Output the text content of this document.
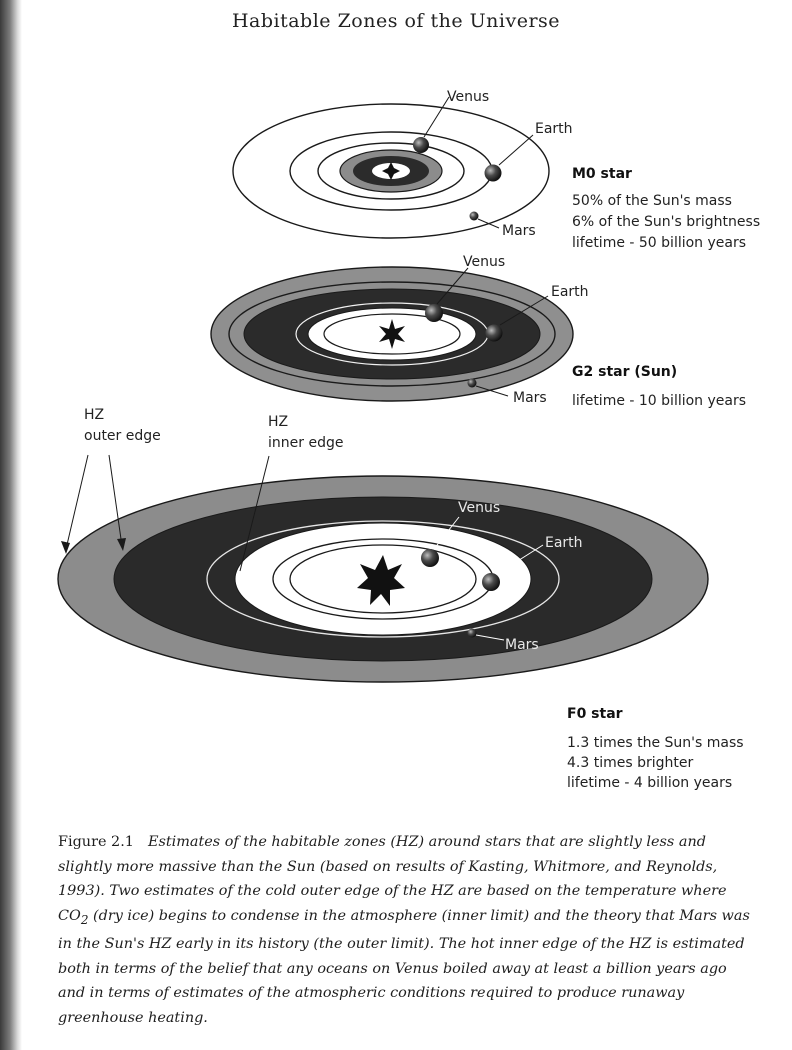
Habitable Zones of the Universe
Venus
Earth
Mars
M0 star
50% of the Sun's mass
6% of the Sun's brightness
lifetime - 50 billion years
Venus
Earth
Mars
G2 star (Sun)
lifetime - 10 billion years
Venus
Earth
Mars
F0 star
1.3 times the Sun's mass
4.3 times brighter
lifetime - 4 billion years
HZ
outer edge
HZ
inner edge
Figure 2.1 Estimates of the habitable zones (HZ) around stars that are slightly less and slightly more massive than the Sun (based on results of Kasting, Whitmore, and Reynolds, 1993). Two estimates of the cold outer edge of the HZ are based on the temperature where $CO_2$ (dry ice) begins to condense in the atmosphere (inner limit) and the theory that Mars was in the Sun's HZ early in its history (the outer limit). The hot inner edge of the HZ is estimated both in terms of the belief that any oceans on Venus boiled away at least a billion years ago and in terms of estimates of the atmospheric conditions required to produce runaway greenhouse heating.
